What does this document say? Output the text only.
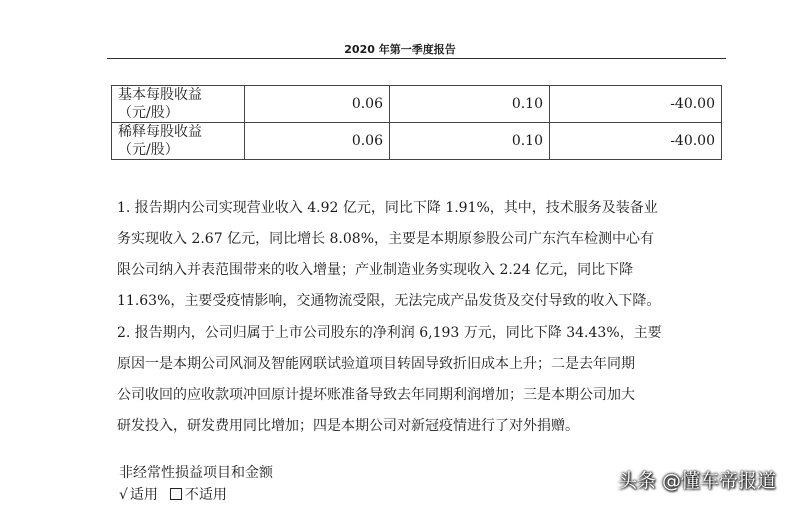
2020 年第一季度报告
基本每股收益
（元/股）	0.06	0.10	-40.00

稀释每股收益
（元/股）	0.06	0.10	-40.00
1. 报告期内公司实现营业收入 4.92 亿元，同比下降 1.91%，其中，技术服务及装备业
务实现收入 2.67 亿元，同比增长 8.08%，主要是本期原参股公司广东汽车检测中心有
限公司纳入并表范围带来的收入增量；产业制造业务实现收入 2.24 亿元，同比下降
11.63%，主要受疫情影响，交通物流受限，无法完成产品发货及交付导致的收入下降。
2. 报告期内，公司归属于上市公司股东的净利润 6,193 万元，同比下降 34.43%，主要
原因一是本期公司风洞及智能网联试验道项目转固导致折旧成本上升；二是去年同期
公司收回的应收款项冲回原计提坏账准备导致去年同期利润增加；三是本期公司加大
研发投入，研发费用同比增加；四是本期公司对新冠疫情进行了对外捐赠。
非经常性损益项目和金额
√ 适用 不适用
头条 @懂车帝报道
